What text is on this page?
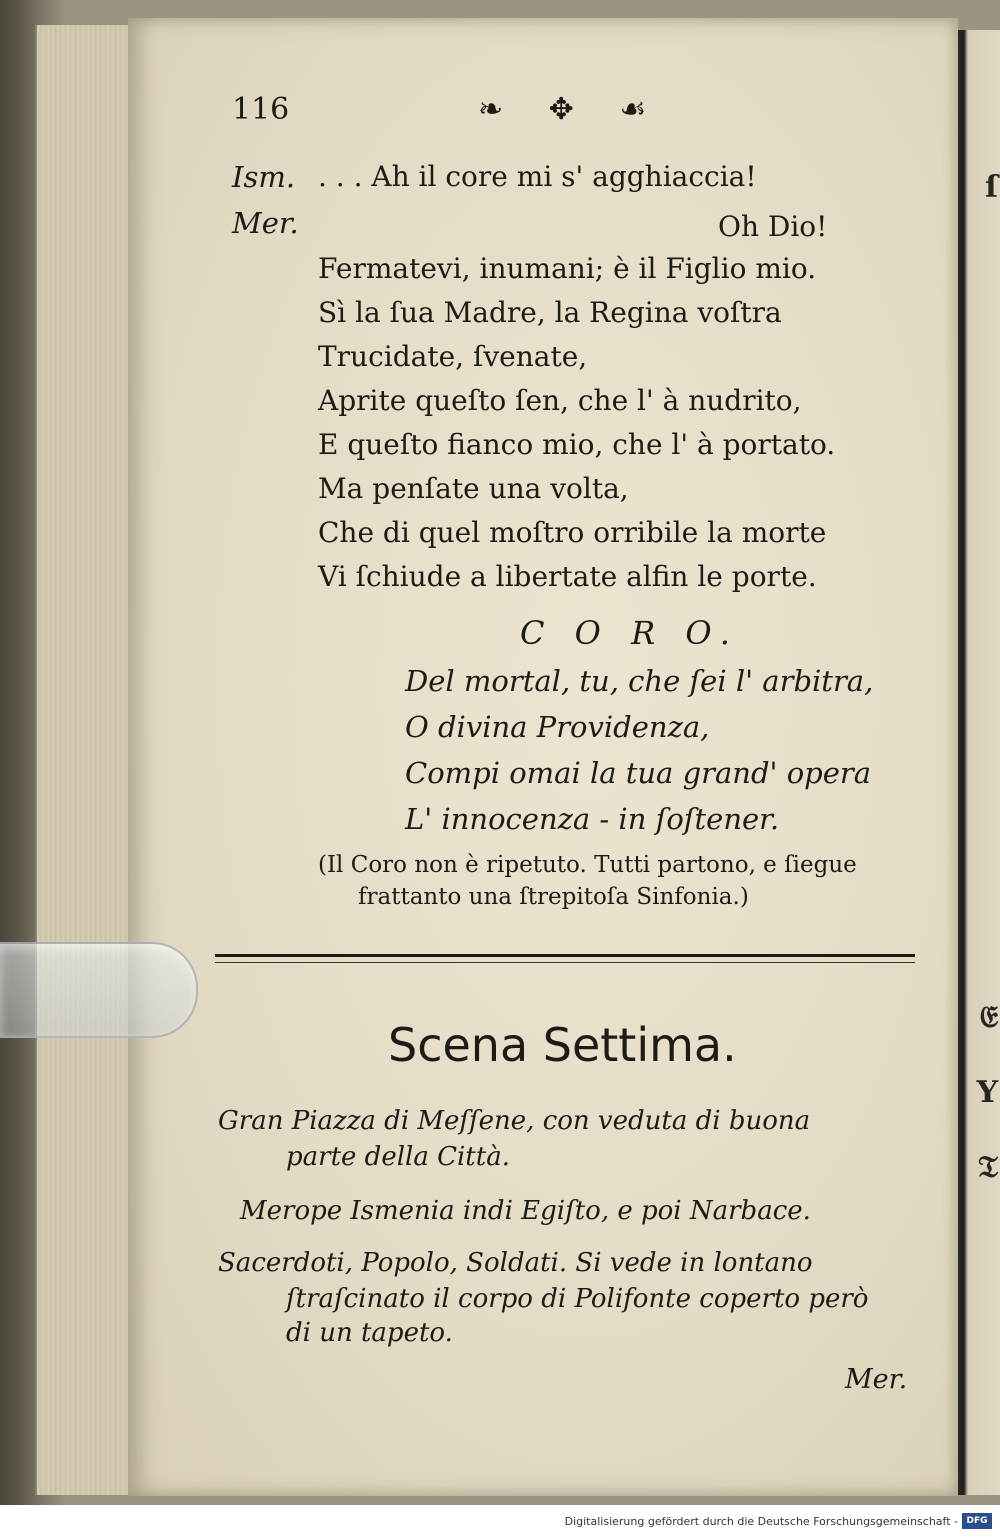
ſ
𝔈
Y
𝔗

116	❧ ✥ ☙

Ism.

Mer.

. . . Ah il core mi s' agghiaccia!

Oh Dio!

Fermatevi, inumani; è il Figlio mio.

Sì la ſua Madre, la Regina voſtra

Trucidate, ſvenate,

Aprite queſto ſen, che l' à nudrito,

E queſto fianco mio, che l' à portato.

Ma penſate una volta,

Che di quel moſtro orribile la morte

Vi ſchiude a libertate alfin le porte.

C O R O.

Del mortal, tu, che ſei l' arbitra,

O divina Providenza,

Compi omai la tua grand' opera

L' innocenza - in ſoſtener.

(Il Coro non è ripetuto. Tutti partono, e ſiegue

frattanto una ſtrepitoſa Sinfonia.)

Scena Settima.

Gran Piazza di Meſſene, con veduta di buona

parte della Città.

Merope Ismenia indi Egiſto, e poi Narbace.

Sacerdoti, Popolo, Soldati. Si vede in lontano

ſtraſcinato il corpo di Polifonte coperto però

di un tapeto.

Mer.

Digitalisierung gefördert durch die Deutsche Forschungsgemeinschaft - DFG
